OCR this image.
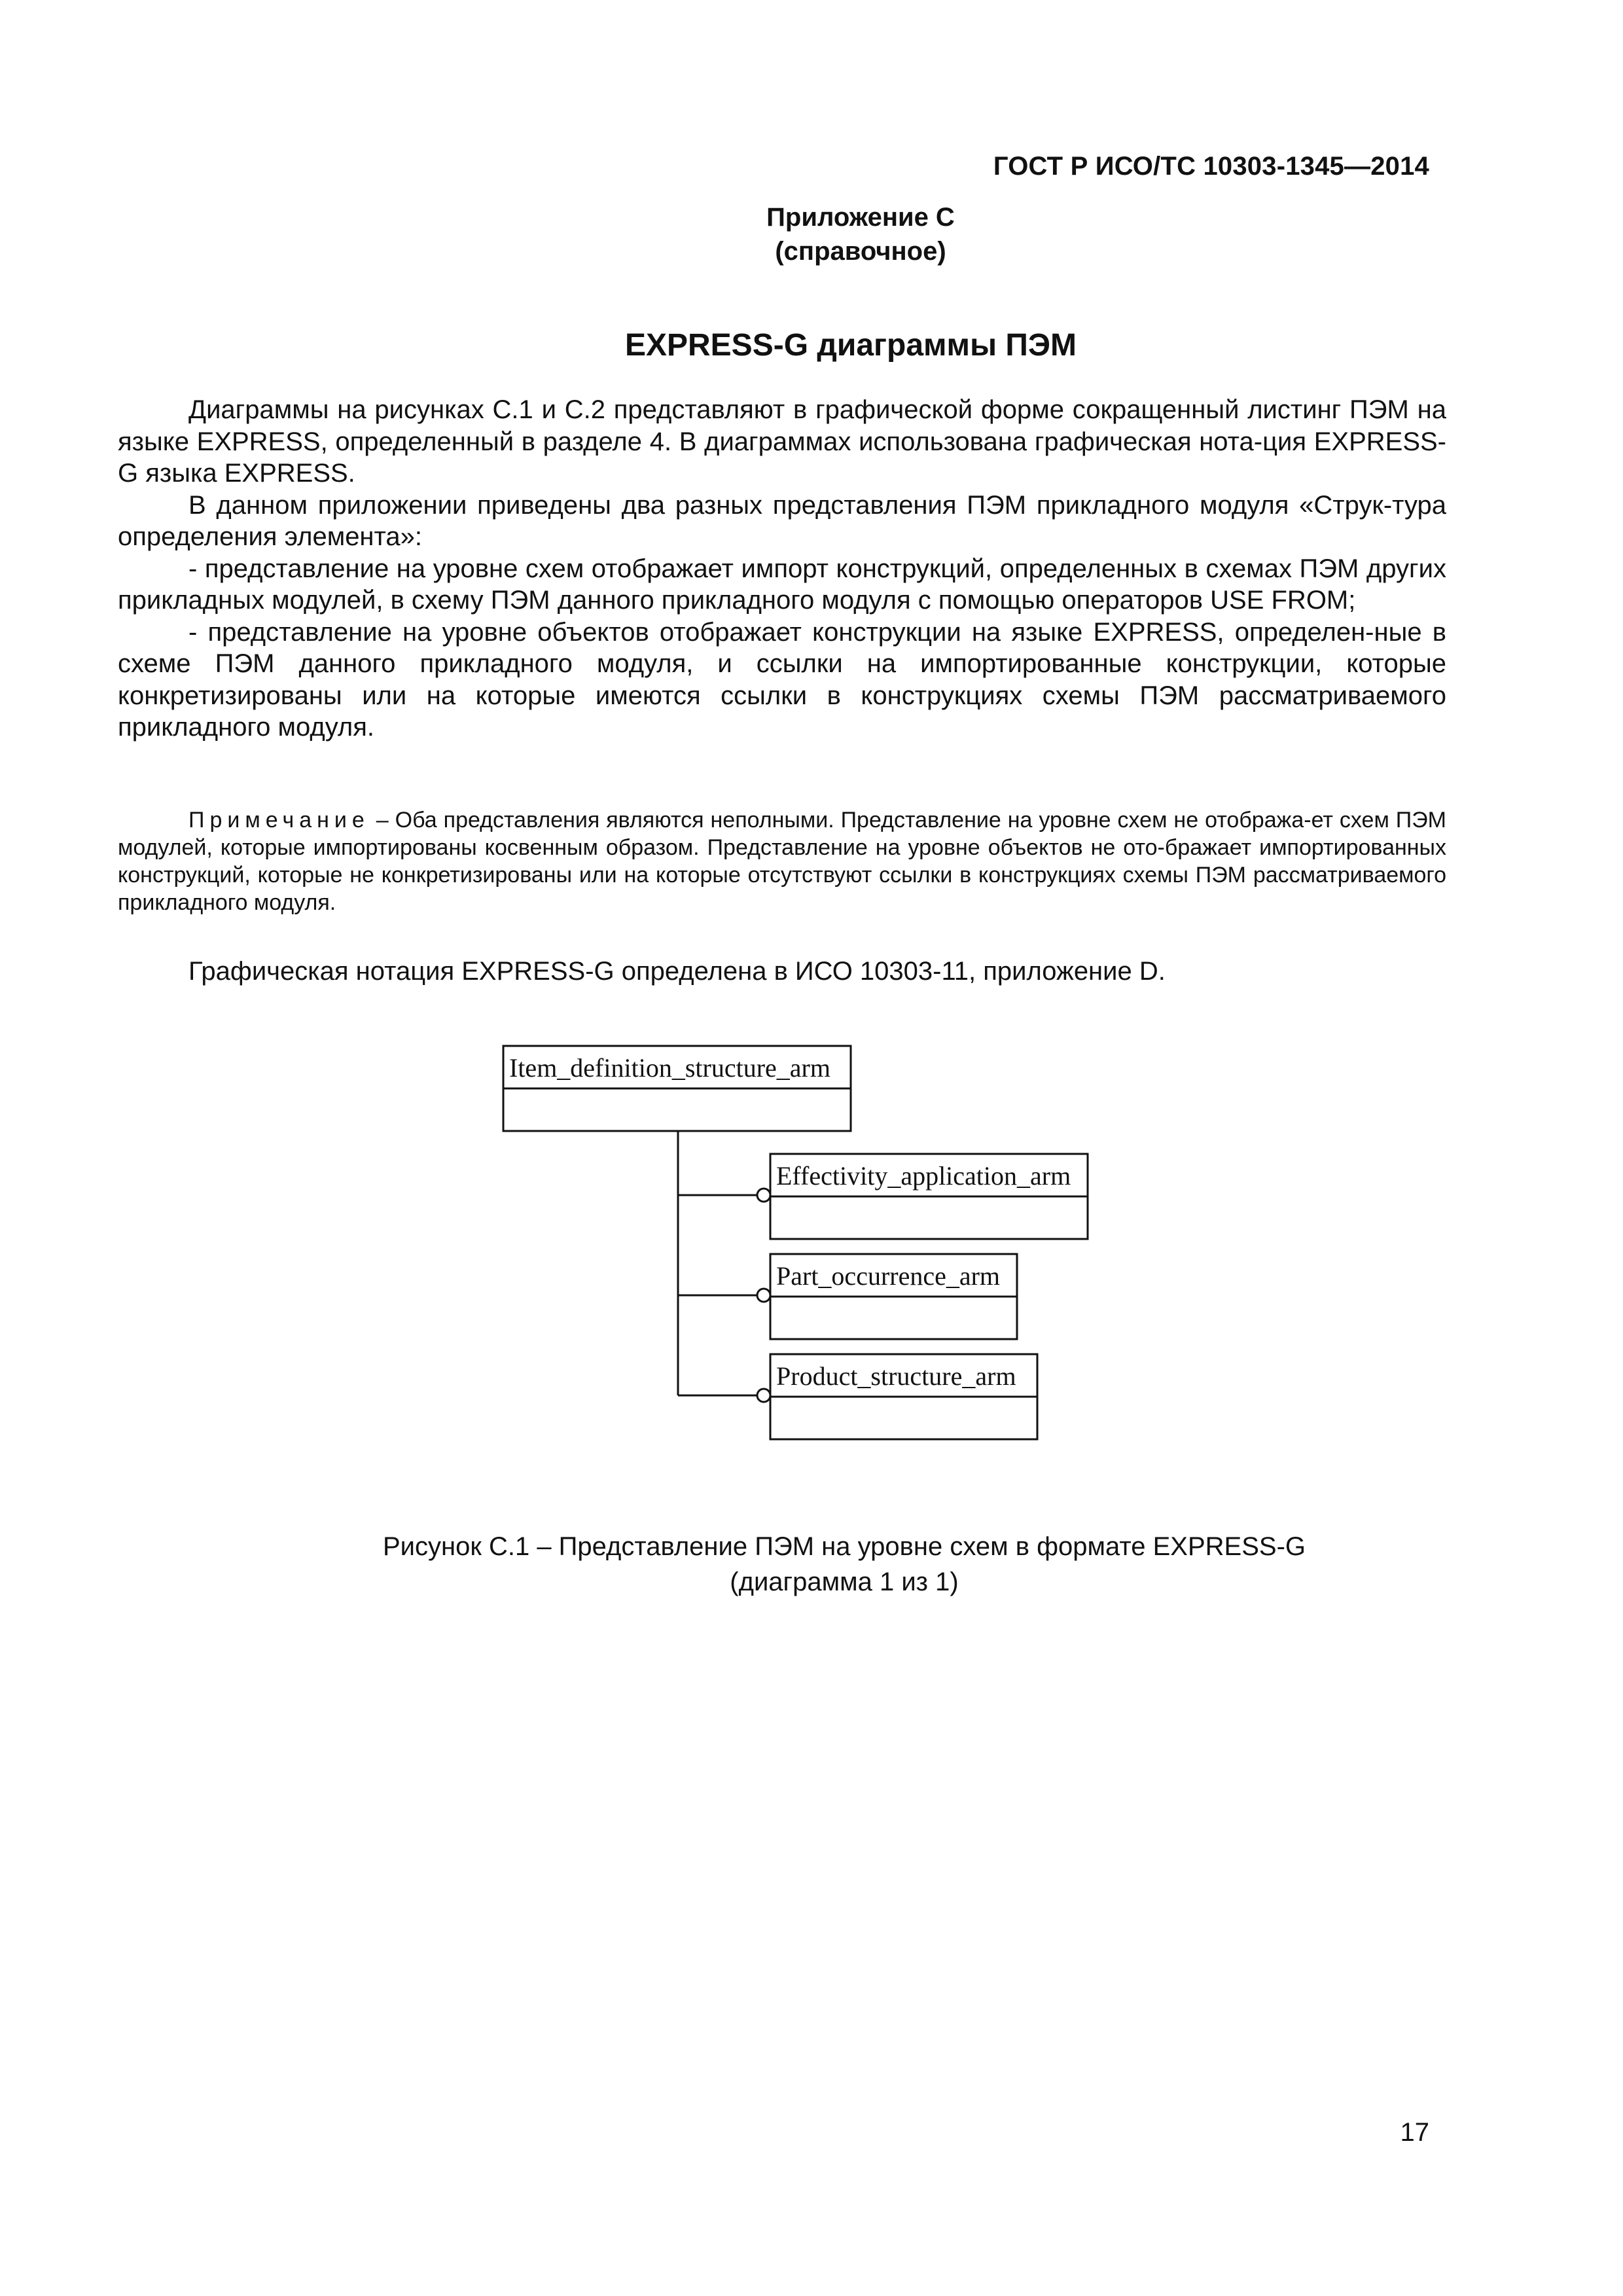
ГОСТ Р ИСО/ТС 10303-1345—2014
Приложение С
(справочное)
EXPRESS-G диаграммы ПЭМ

Диаграммы на рисунках С.1 и С.2 представляют в графической форме сокращенный листинг ПЭМ на языке EXPRESS, определенный в разделе 4. В диаграммах использована графическая нота-ция EXPRESS-G языка EXPRESS.

В данном приложении приведены два разных представления ПЭМ прикладного модуля «Струк-тура определения элемента»:

- представление на уровне схем отображает импорт конструкций, определенных в схемах ПЭМ других прикладных модулей, в схему ПЭМ данного прикладного модуля с помощью операторов USE FROM;

- представление на уровне объектов отображает конструкции на языке EXPRESS, определен-ные в схеме ПЭМ данного прикладного модуля, и ссылки на импортированные конструкции, которые конкретизированы или на которые имеются ссылки в конструкциях схемы ПЭМ рассматриваемого прикладного модуля.

Примечание – Оба представления являются неполными. Представление на уровне схем не отобража-ет схем ПЭМ модулей, которые импортированы косвенным образом. Представление на уровне объектов не ото-бражает импортированных конструкций, которые не конкретизированы или на которые отсутствуют ссылки в конструкциях схемы ПЭМ рассматриваемого прикладного модуля.

Графическая нотация EXPRESS-G определена в ИСО 10303-11, приложение D.
Item_definition_structure_arm
Effectivity_application_arm
Part_occurrence_arm
Product_structure_arm
Рисунок С.1 – Представление ПЭМ на уровне схем в формате EXPRESS-G
(диаграмма 1 из 1)
17
